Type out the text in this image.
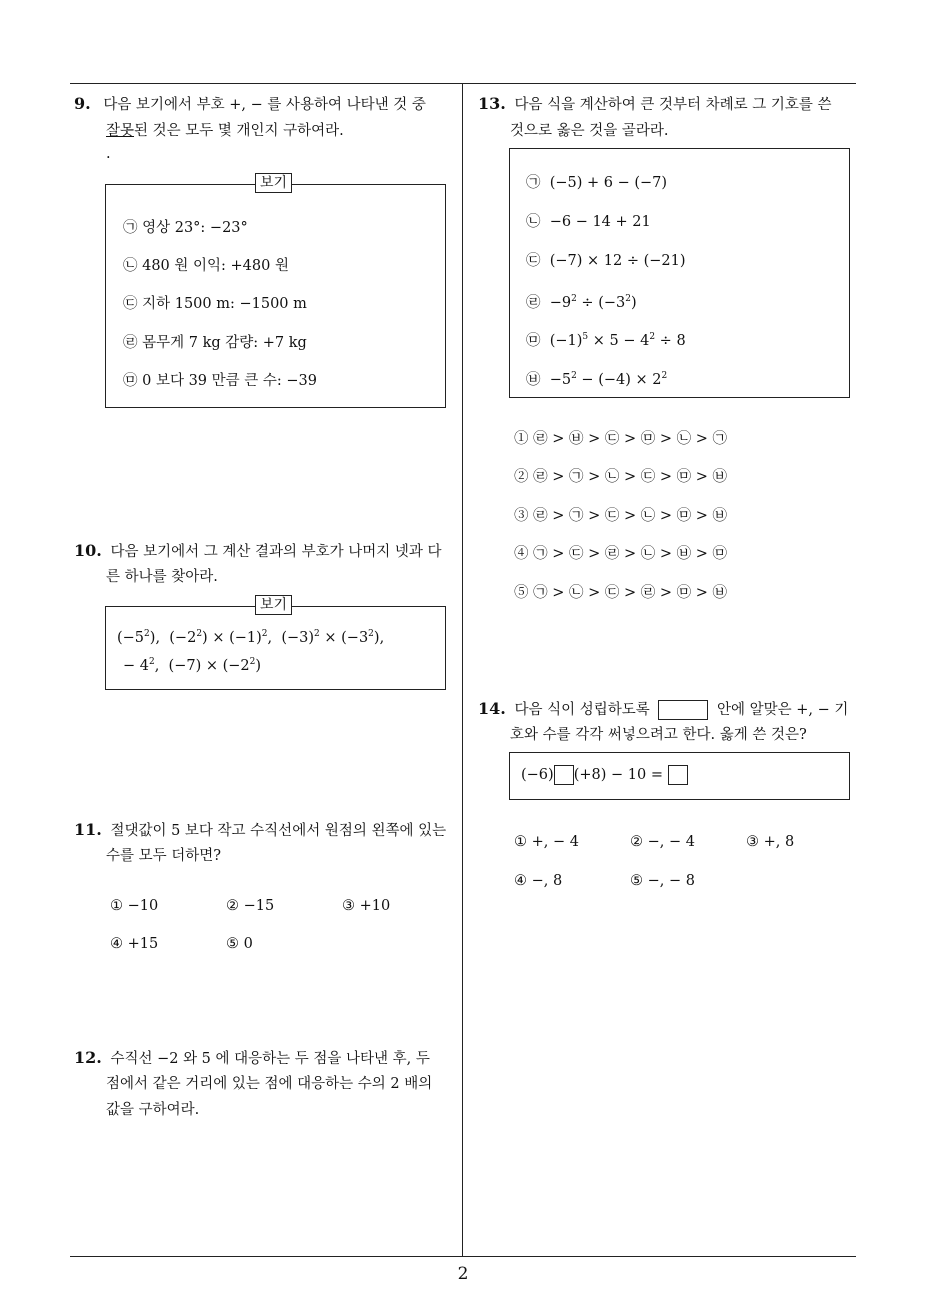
9. 다음 보기에서 부호 +, − 를 사용하여 나타낸 것 중
잘못된 것은 모두 몇 개인지 구하여라.
.
보기
㉠ 영상 23°: −23°
㉡ 480 원 이익: +480 원
㉢ 지하 1500 m: −1500 m
㉣ 몸무게 7 kg 감량: +7 kg
㉤ 0 보다 39 만큼 큰 수: −39
10. 다음 보기에서 그 계산 결과의 부호가 나머지 넷과 다
른 하나를 찾아라.
보기
$(-5^2)$,  $(-2^2) \times (-1)^2$,  $(-3)^2 \times (-3^2)$,
− $4^2$,  $(-7) \times (-2^2)$
11. 절댓값이 5 보다 작고 수직선에서 원점의 왼쪽에 있는
수를 모두 더하면?
① −10	② −15	③ +10
④ +15	⑤ 0
12. 수직선 −2 와 5 에 대응하는 두 점을 나타낸 후, 두
점에서 같은 거리에 있는 점에 대응하는 수의 2 배의
값을 구하여라.
13. 다음 식을 계산하여 큰 것부터 차례로 그 기호를 쓴
것으로 옳은 것을 골라라.
㉠  (−5) + 6 − (−7)
㉡  −6 − 14 + 21
㉢  (−7) × 12 ÷ (−21)
㉣  $-9^2 \div (-3^2)$
㉤  $(-1)^5 \times 5 - 4^2 \div 8$
㉥  $-5^2 - (-4) \times 2^2$
① ㉣ > ㉥ > ㉢ > ㉤ > ㉡ > ㉠
② ㉣ > ㉠ > ㉡ > ㉢ > ㉤ > ㉥
③ ㉣ > ㉠ > ㉢ > ㉡ > ㉤ > ㉥
④ ㉠ > ㉢ > ㉣ > ㉡ > ㉥ > ㉤
⑤ ㉠ > ㉡ > ㉢ > ㉣ > ㉤ > ㉥
14. 다음 식이 성립하도록	안에 알맞은 +, − 기
호와 수를 각각 써넣으려고 한다. 옳게 쓴 것은?
(−6) (+8) − 10 =
① +, − 4	② −, − 4	③ +, 8
④ −, 8	⑤ −, − 8
2
